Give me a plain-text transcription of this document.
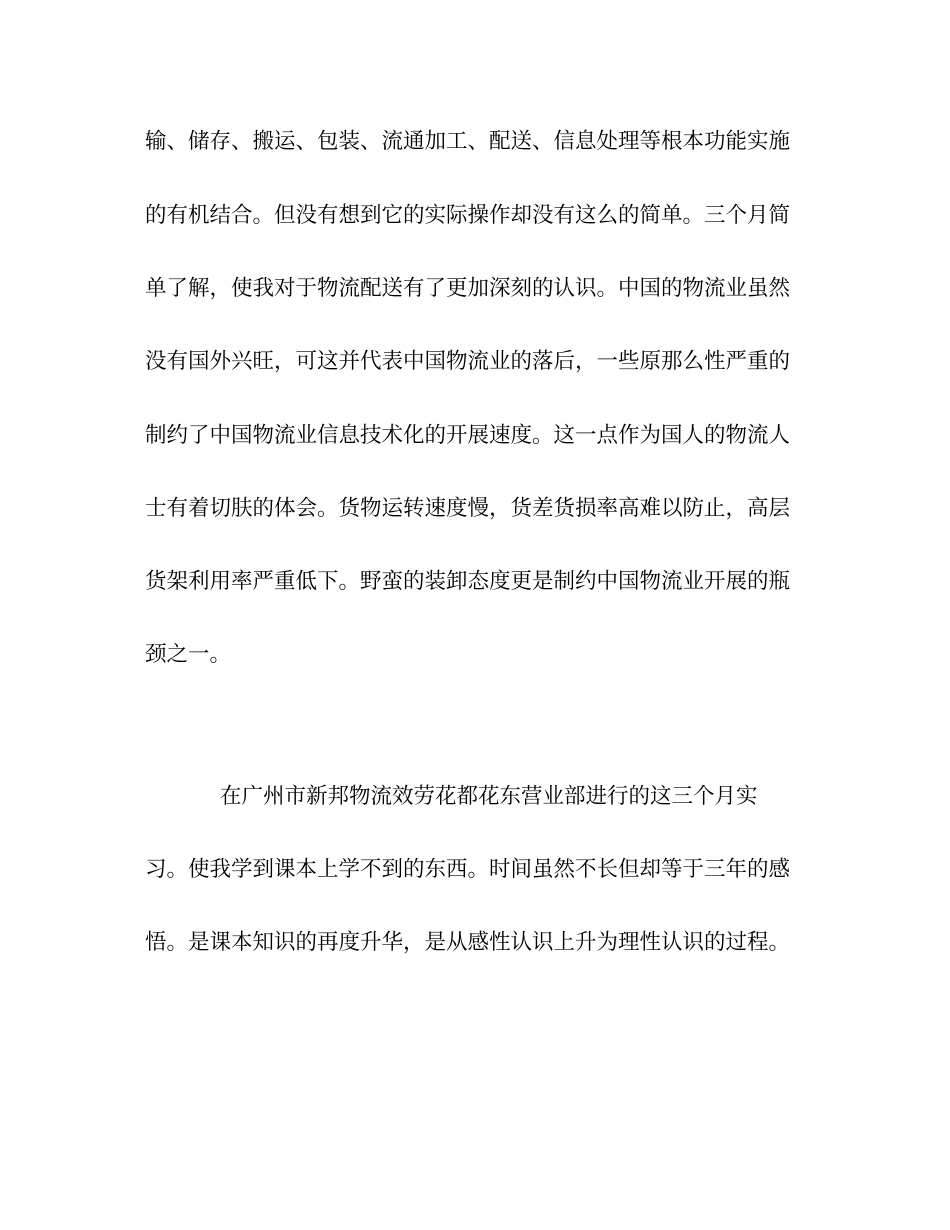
输、储存、搬运、包装、流通加工、配送、信息处理等根本功能实施
的有机结合。但没有想到它的实际操作却没有这么的简单。三个月简
单了解，使我对于物流配送有了更加深刻的认识。中国的物流业虽然
没有国外兴旺，可这并代表中国物流业的落后，一些原那么性严重的
制约了中国物流业信息技术化的开展速度。这一点作为国人的物流人
士有着切肤的体会。货物运转速度慢，货差货损率高难以防止，高层
货架利用率严重低下。野蛮的装卸态度更是制约中国物流业开展的瓶
颈之一。
在广州市新邦物流效劳花都花东营业部进行的这三个月实
习。使我学到课本上学不到的东西。时间虽然不长但却等于三年的感
悟。是课本知识的再度升华，是从感性认识上升为理性认识的过程。
